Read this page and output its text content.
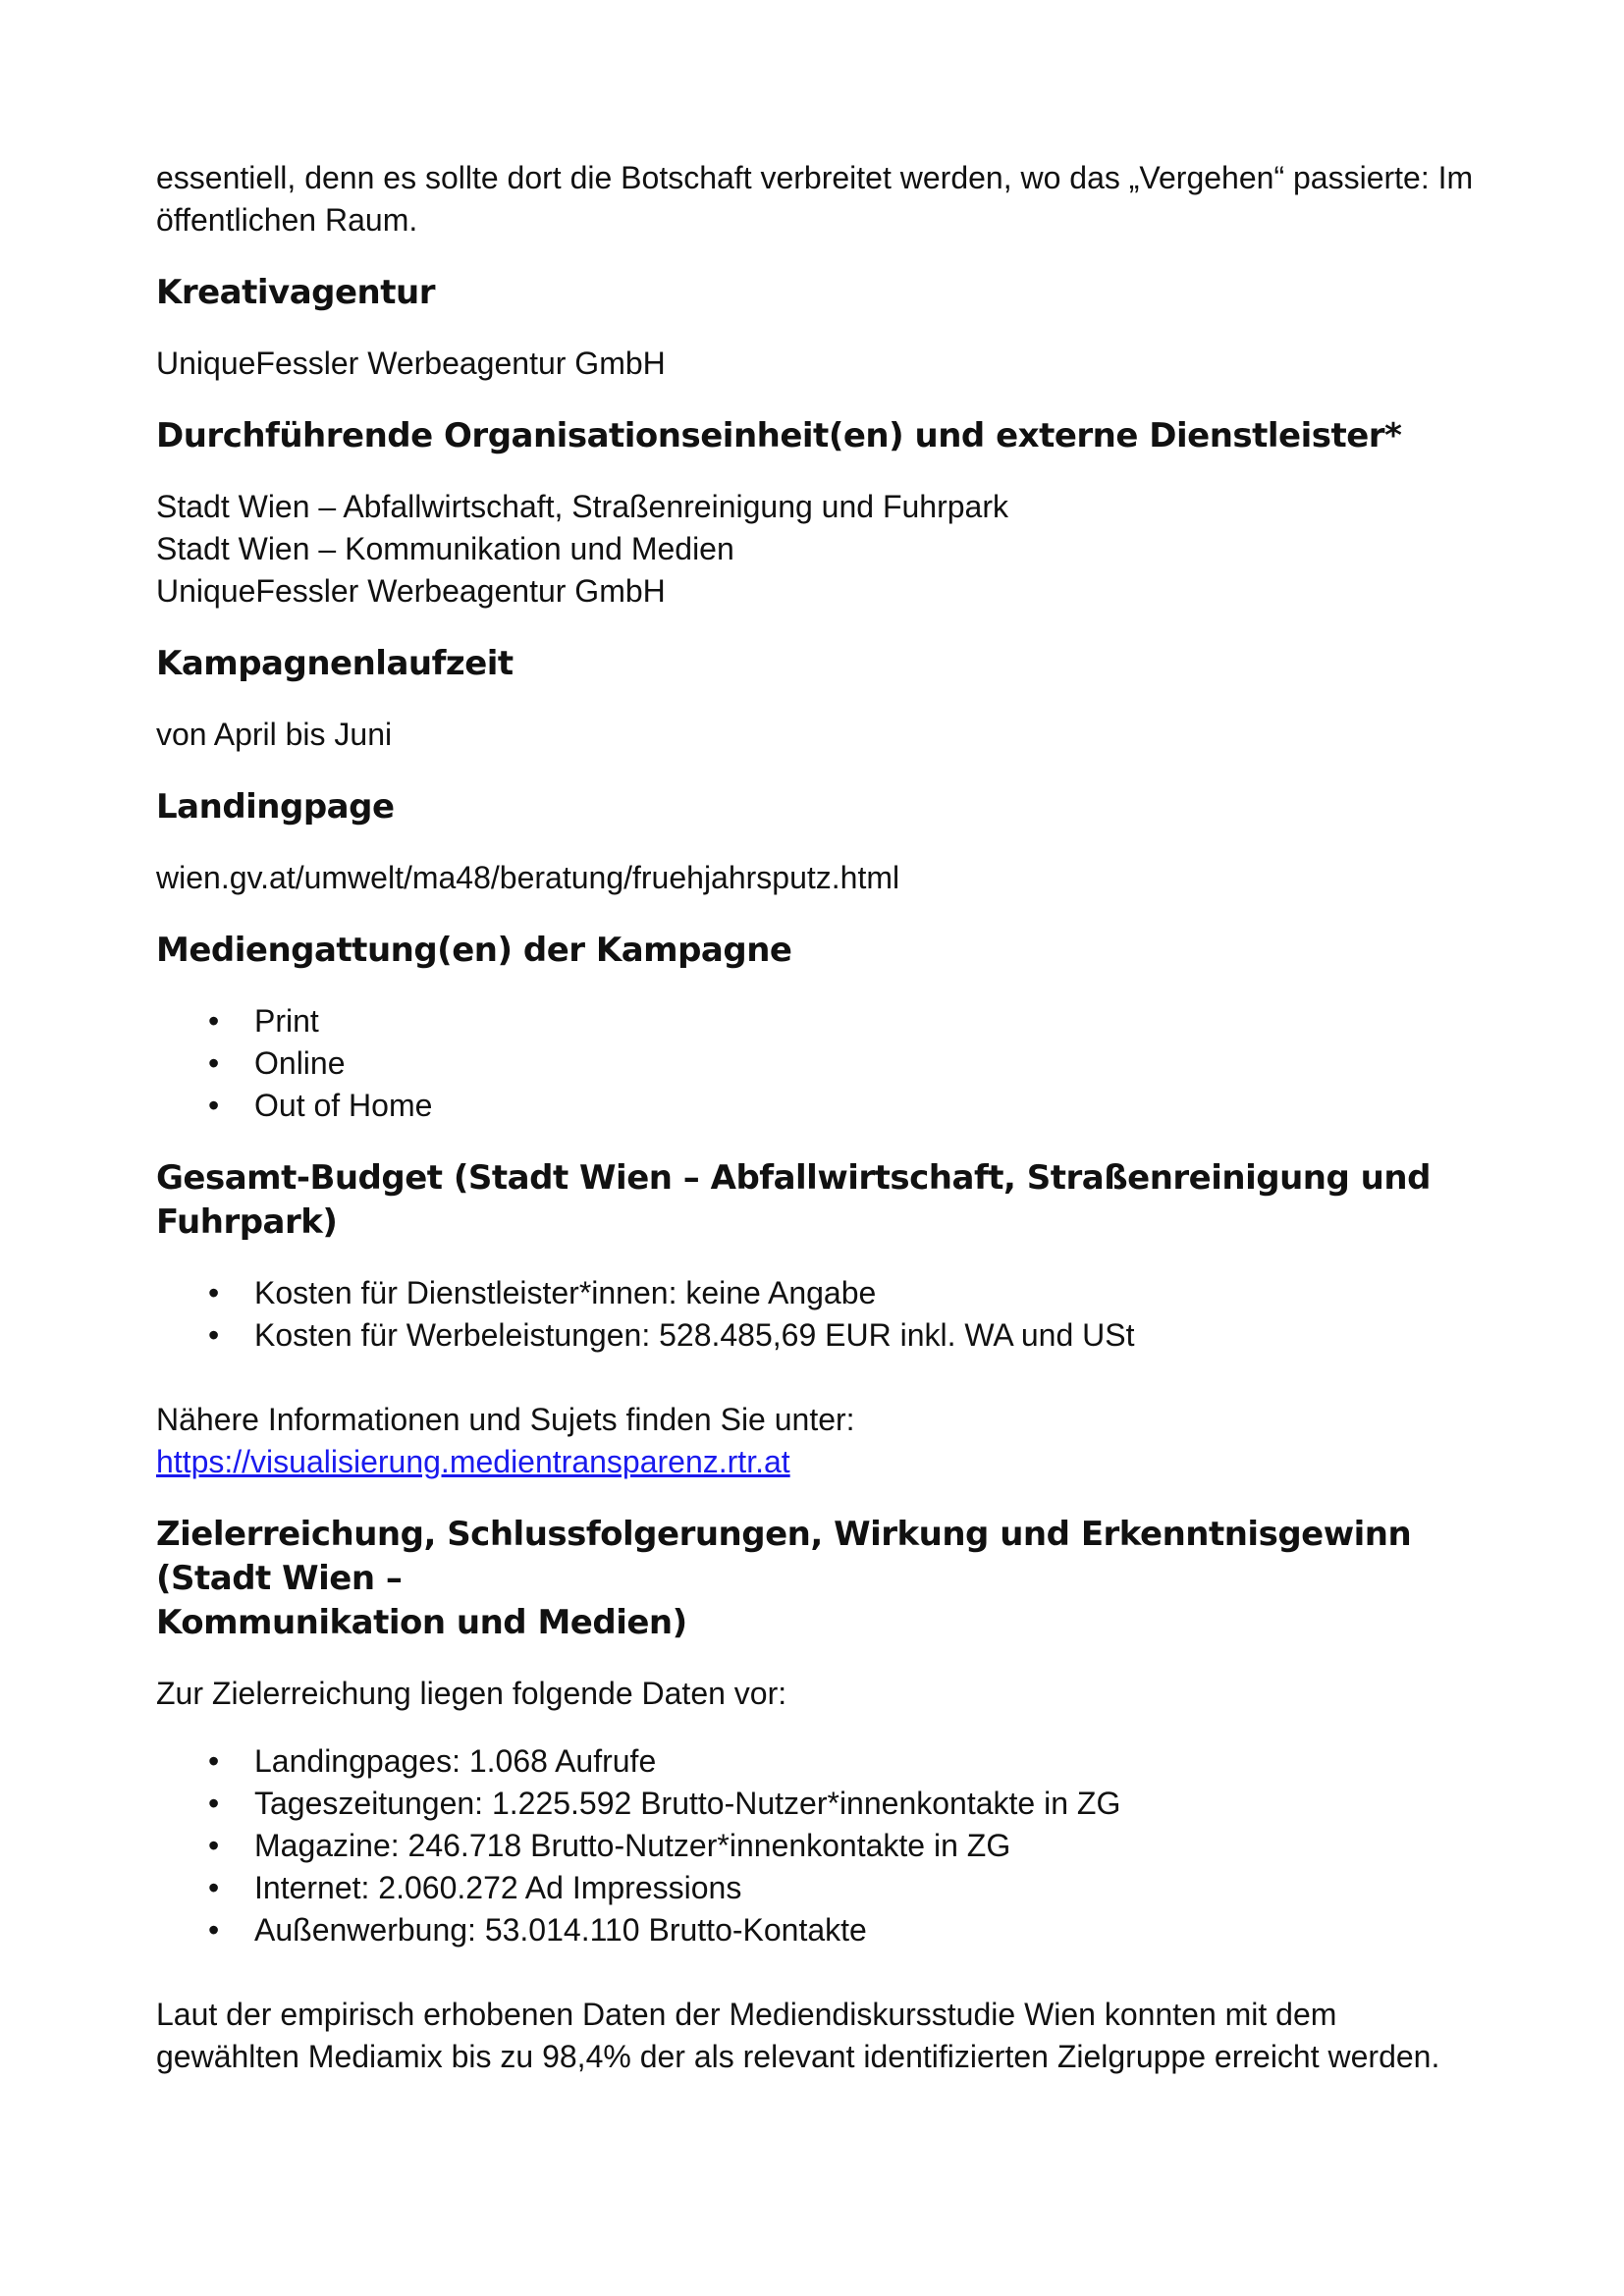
essentiell, denn es sollte dort die Botschaft verbreitet werden, wo das „Vergehen“ passierte: Im öffentlichen Raum.

Kreativagentur

UniqueFessler Werbeagentur GmbH

Durchführende Organisationseinheit(en) und externe Dienstleister*

Stadt Wien – Abfallwirtschaft, Straßenreinigung und Fuhrpark

Stadt Wien – Kommunikation und Medien

UniqueFessler Werbeagentur GmbH

Kampagnenlaufzeit

von April bis Juni

Landingpage

wien.gv.at/umwelt/ma48/beratung/fruehjahrsputz.html

Mediengattung(en) der Kampagne
• Print
• Online
• Out of Home
Gesamt-Budget (Stadt Wien – Abfallwirtschaft, Straßenreinigung und Fuhrpark)
• Kosten für Dienstleister*innen: keine Angabe
• Kosten für Werbeleistungen: 528.485,69 EUR inkl. WA und USt

Nähere Informationen und Sujets finden Sie unter:

https://visualisierung.medientransparenz.rtr.at

Zielerreichung, Schlussfolgerungen, Wirkung und Erkenntnisgewinn (Stadt Wien –
Kommunikation und Medien)

Zur Zielerreichung liegen folgende Daten vor:

• Landingpages: 1.068 Aufrufe
• Tageszeitungen: 1.225.592 Brutto-Nutzer*innenkontakte in ZG
• Magazine: 246.718 Brutto-Nutzer*innenkontakte in ZG
• Internet: 2.060.272 Ad Impressions
• Außenwerbung: 53.014.110 Brutto-Kontakte

Laut der empirisch erhobenen Daten der Mediendiskursstudie Wien konnten mit dem
gewählten Mediamix bis zu 98,4% der als relevant identifizierten Zielgruppe erreicht werden.
